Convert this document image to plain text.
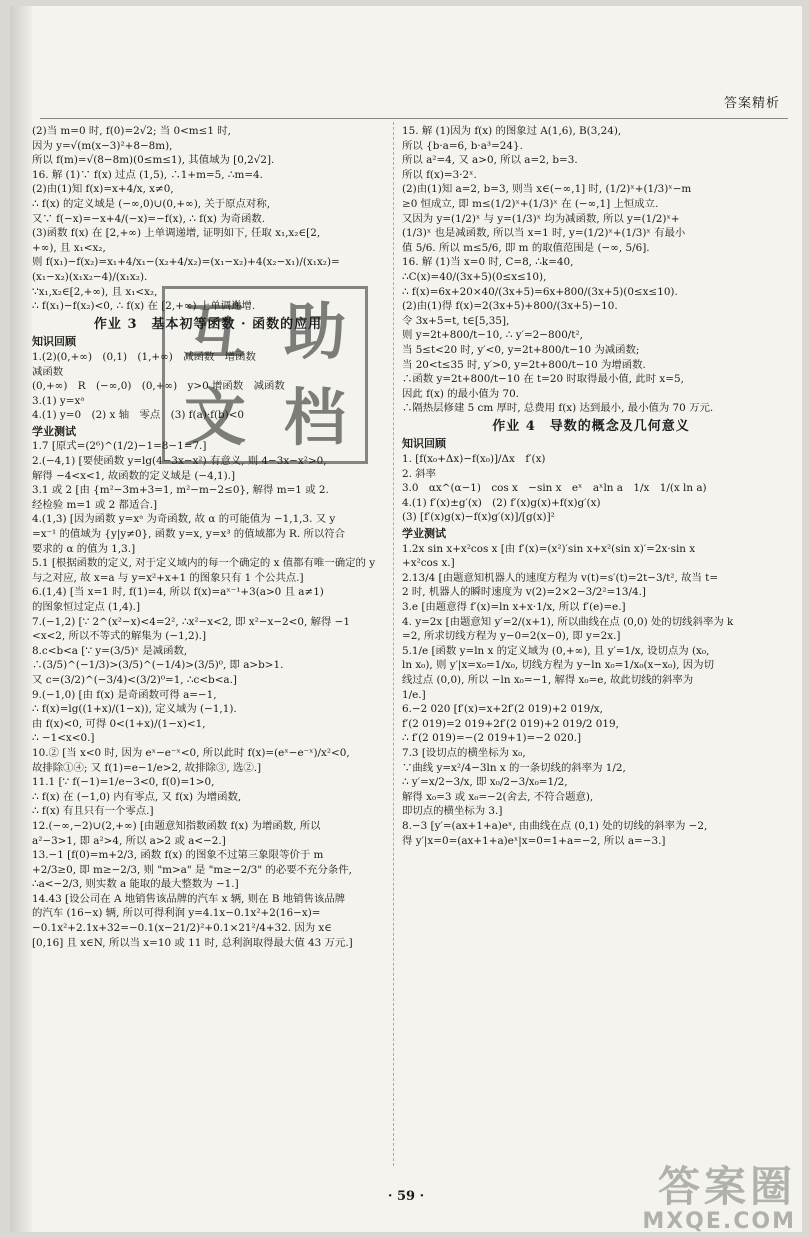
答案精析
(2)当 m=0 时, f(0)=2√2; 当 0<m≤1 时,
因为 y=√(m(x−3)²+8−8m),
所以 f(m)=√(8−8m)(0≤m≤1), 其值域为 [0,2√2].
16. 解 (1)∵ f(x) 过点 (1,5), ∴1+m=5, ∴m=4.
(2)由(1)知 f(x)=x+4/x, x≠0,
∴ f(x) 的定义域是 (−∞,0)∪(0,+∞), 关于原点对称,
又∵ f(−x)=−x+4/(−x)=−f(x), ∴ f(x) 为奇函数.
(3)函数 f(x) 在 [2,+∞) 上单调递增, 证明如下, 任取 x₁,x₂∈[2,
+∞), 且 x₁<x₂,
则 f(x₁)−f(x₂)=x₁+4/x₁−(x₂+4/x₂)=(x₁−x₂)+4(x₂−x₁)/(x₁x₂)=
(x₁−x₂)(x₁x₂−4)/(x₁x₂).
∵x₁,x₂∈[2,+∞), 且 x₁<x₂,
∴ f(x₁)−f(x₂)<0, ∴ f(x) 在 [2,+∞) 上单调递增.
作业 3　基本初等函数 · 函数的应用
知识回顾
1.(2)(0,+∞)　(0,1)　(1,+∞)　减函数　增函数
减函数
(0,+∞)　R　(−∞,0)　(0,+∞)　y>0 增函数　减函数
3.(1) y=xᵃ
4.(1) y=0　(2) x 轴　零点　(3) f(a)·f(b)<0
学业测试
1.7 [原式=(2⁶)^(1/2)−1=8−1=7.]
2.(−4,1) [要使函数 y=lg(4−3x−x²) 有意义, 则 4−3x−x²>0,
解得 −4<x<1, 故函数的定义域是 (−4,1).]
3.1 或 2 [由 {m²−3m+3=1, m²−m−2≤0}, 解得 m=1 或 2.
经检验 m=1 或 2 都适合.]
4.(1,3) [因为函数 y=xᵃ 为奇函数, 故 α 的可能值为 −1,1,3. 又 y
=x⁻¹ 的值域为 {y|y≠0}, 函数 y=x, y=x³ 的值域都为 R. 所以符合
要求的 α 的值为 1,3.]
5.1 [根据函数的定义, 对于定义域内的每一个确定的 x 值都有唯一确定的 y
与之对应, 故 x=a 与 y=x²+x+1 的图象只有 1 个公共点.]
6.(1,4) [当 x=1 时, f(1)=4, 所以 f(x)=aˣ⁻¹+3(a>0 且 a≠1)
的图象恒过定点 (1,4).]
7.(−1,2) [∵ 2^(x²−x)<4=2², ∴x²−x<2, 即 x²−x−2<0, 解得 −1
<x<2, 所以不等式的解集为 (−1,2).]
8.c<b<a [∵ y=(3/5)ˣ 是减函数,
∴(3/5)^(−1/3)>(3/5)^(−1/4)>(3/5)⁰, 即 a>b>1.
又 c=(3/2)^(−3/4)<(3/2)⁰=1, ∴c<b<a.]
9.(−1,0) [由 f(x) 是奇函数可得 a=−1,
∴ f(x)=lg((1+x)/(1−x)), 定义域为 (−1,1).
由 f(x)<0, 可得 0<(1+x)/(1−x)<1,
∴ −1<x<0.]
10.② [当 x<0 时, 因为 eˣ−e⁻ˣ<0, 所以此时 f(x)=(eˣ−e⁻ˣ)/x²<0,
故排除①④; 又 f(1)=e−1/e>2, 故排除③, 选②.]
11.1 [∵ f(−1)=1/e−3<0, f(0)=1>0,
∴ f(x) 在 (−1,0) 内有零点, 又 f(x) 为增函数,
∴ f(x) 有且只有一个零点.]
12.(−∞,−2)∪(2,+∞) [由题意知指数函数 f(x) 为增函数, 所以
a²−3>1, 即 a²>4, 所以 a>2 或 a<−2.]
13.−1 [f(0)=m+2/3, 函数 f(x) 的图象不过第三象限等价于 m
+2/3≥0, 即 m≥−2/3, 则 "m>a" 是 "m≥−2/3" 的必要不充分条件,
∴a<−2/3, 则实数 a 能取的最大整数为 −1.]
14.43 [设公司在 A 地销售该品牌的汽车 x 辆, 则在 B 地销售该品牌
的汽车 (16−x) 辆, 所以可得利润 y=4.1x−0.1x²+2(16−x)=
−0.1x²+2.1x+32=−0.1(x−21/2)²+0.1×21²/4+32. 因为 x∈
[0,16] 且 x∈N, 所以当 x=10 或 11 时, 总利润取得最大值 43 万元.]
15. 解 (1)因为 f(x) 的图象过 A(1,6), B(3,24),
所以 {b·a=6, b·a³=24}.
所以 a²=4, 又 a>0, 所以 a=2, b=3.
所以 f(x)=3·2ˣ.
(2)由(1)知 a=2, b=3, 则当 x∈(−∞,1] 时, (1/2)ˣ+(1/3)ˣ−m
≥0 恒成立, 即 m≤(1/2)ˣ+(1/3)ˣ 在 (−∞,1] 上恒成立.
又因为 y=(1/2)ˣ 与 y=(1/3)ˣ 均为减函数, 所以 y=(1/2)ˣ+
(1/3)ˣ 也是减函数, 所以当 x=1 时, y=(1/2)ˣ+(1/3)ˣ 有最小
值 5/6. 所以 m≤5/6, 即 m 的取值范围是 (−∞, 5/6].
16. 解 (1)当 x=0 时, C=8, ∴k=40,
∴C(x)=40/(3x+5)(0≤x≤10),
∴ f(x)=6x+20×40/(3x+5)=6x+800/(3x+5)(0≤x≤10).
(2)由(1)得 f(x)=2(3x+5)+800/(3x+5)−10.
令 3x+5=t, t∈[5,35],
则 y=2t+800/t−10, ∴ y′=2−800/t²,
当 5≤t<20 时, y′<0, y=2t+800/t−10 为减函数;
当 20<t≤35 时, y′>0, y=2t+800/t−10 为增函数.
∴函数 y=2t+800/t−10 在 t=20 时取得最小值, 此时 x=5,
因此 f(x) 的最小值为 70.
∴隔热层修建 5 cm 厚时, 总费用 f(x) 达到最小, 最小值为 70 万元.
作业 4　导数的概念及几何意义
知识回顾
1. [f(x₀+Δx)−f(x₀)]/Δx　f′(x)
2. 斜率
3.0　αx^(α−1)　cos x　−sin x　eˣ　aˣln a　1/x　1/(x ln a)
4.(1) f′(x)±g′(x)　(2) f′(x)g(x)+f(x)g′(x)
(3) [f′(x)g(x)−f(x)g′(x)]/[g(x)]²
学业测试
1.2x sin x+x²cos x [由 f′(x)=(x²)′sin x+x²(sin x)′=2x·sin x
+x²cos x.]
2.13/4 [由题意知机器人的速度方程为 v(t)=s′(t)=2t−3/t², 故当 t=
2 时, 机器人的瞬时速度为 v(2)=2×2−3/2²=13/4.]
3.e [由题意得 f′(x)=ln x+x·1/x, 所以 f′(e)=e.]
4. y=2x [由题意知 y′=2/(x+1), 所以曲线在点 (0,0) 处的切线斜率为 k
=2, 所求切线方程为 y−0=2(x−0), 即 y=2x.]
5.1/e [函数 y=ln x 的定义域为 (0,+∞), 且 y′=1/x, 设切点为 (x₀,
ln x₀), 则 y′|x=x₀=1/x₀, 切线方程为 y−ln x₀=1/x₀(x−x₀), 因为切
线过点 (0,0), 所以 −ln x₀=−1, 解得 x₀=e, 故此切线的斜率为
1/e.]
6.−2 020 [f′(x)=x+2f′(2 019)+2 019/x,
f′(2 019)=2 019+2f′(2 019)+2 019/2 019,
∴ f′(2 019)=−(2 019+1)=−2 020.]
7.3 [设切点的横坐标为 x₀,
∵曲线 y=x²/4−3ln x 的一条切线的斜率为 1/2,
∴ y′=x/2−3/x, 即 x₀/2−3/x₀=1/2,
解得 x₀=3 或 x₀=−2(舍去, 不符合题意),
即切点的横坐标为 3.]
8.−3 [y′=(ax+1+a)eˣ, 由曲线在点 (0,1) 处的切线的斜率为 −2,
得 y′|x=0=(ax+1+a)eˣ|x=0=1+a=−2, 所以 a=−3.]
互 助
文 档
· 59 ·	答案圈
MXQE.COM
